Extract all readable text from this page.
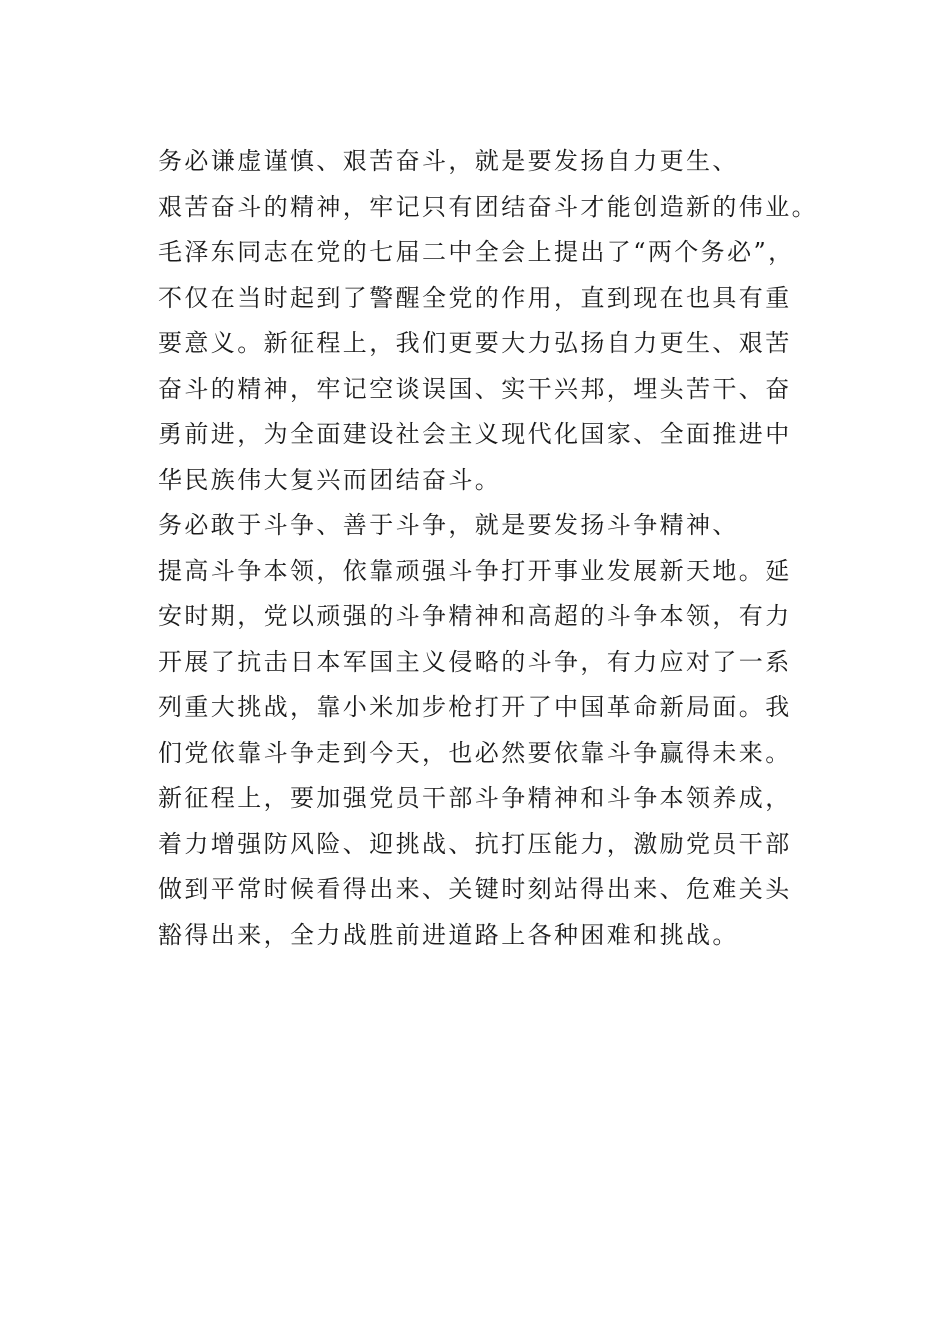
务必谦虚谨慎、艰苦奋斗，就是要发扬自力更生、
艰苦奋斗的精神，牢记只有团结奋斗才能创造新的伟业。
毛泽东同志在党的七届二中全会上提出了“两个务必”，
不仅在当时起到了警醒全党的作用，直到现在也具有重
要意义。新征程上，我们更要大力弘扬自力更生、艰苦
奋斗的精神，牢记空谈误国、实干兴邦，埋头苦干、奋
勇前进，为全面建设社会主义现代化国家、全面推进中
华民族伟大复兴而团结奋斗。
务必敢于斗争、善于斗争，就是要发扬斗争精神、
提高斗争本领，依靠顽强斗争打开事业发展新天地。延
安时期，党以顽强的斗争精神和高超的斗争本领，有力
开展了抗击日本军国主义侵略的斗争，有力应对了一系
列重大挑战，靠小米加步枪打开了中国革命新局面。我
们党依靠斗争走到今天，也必然要依靠斗争赢得未来。
新征程上，要加强党员干部斗争精神和斗争本领养成，
着力增强防风险、迎挑战、抗打压能力，激励党员干部
做到平常时候看得出来、关键时刻站得出来、危难关头
豁得出来，全力战胜前进道路上各种困难和挑战。
